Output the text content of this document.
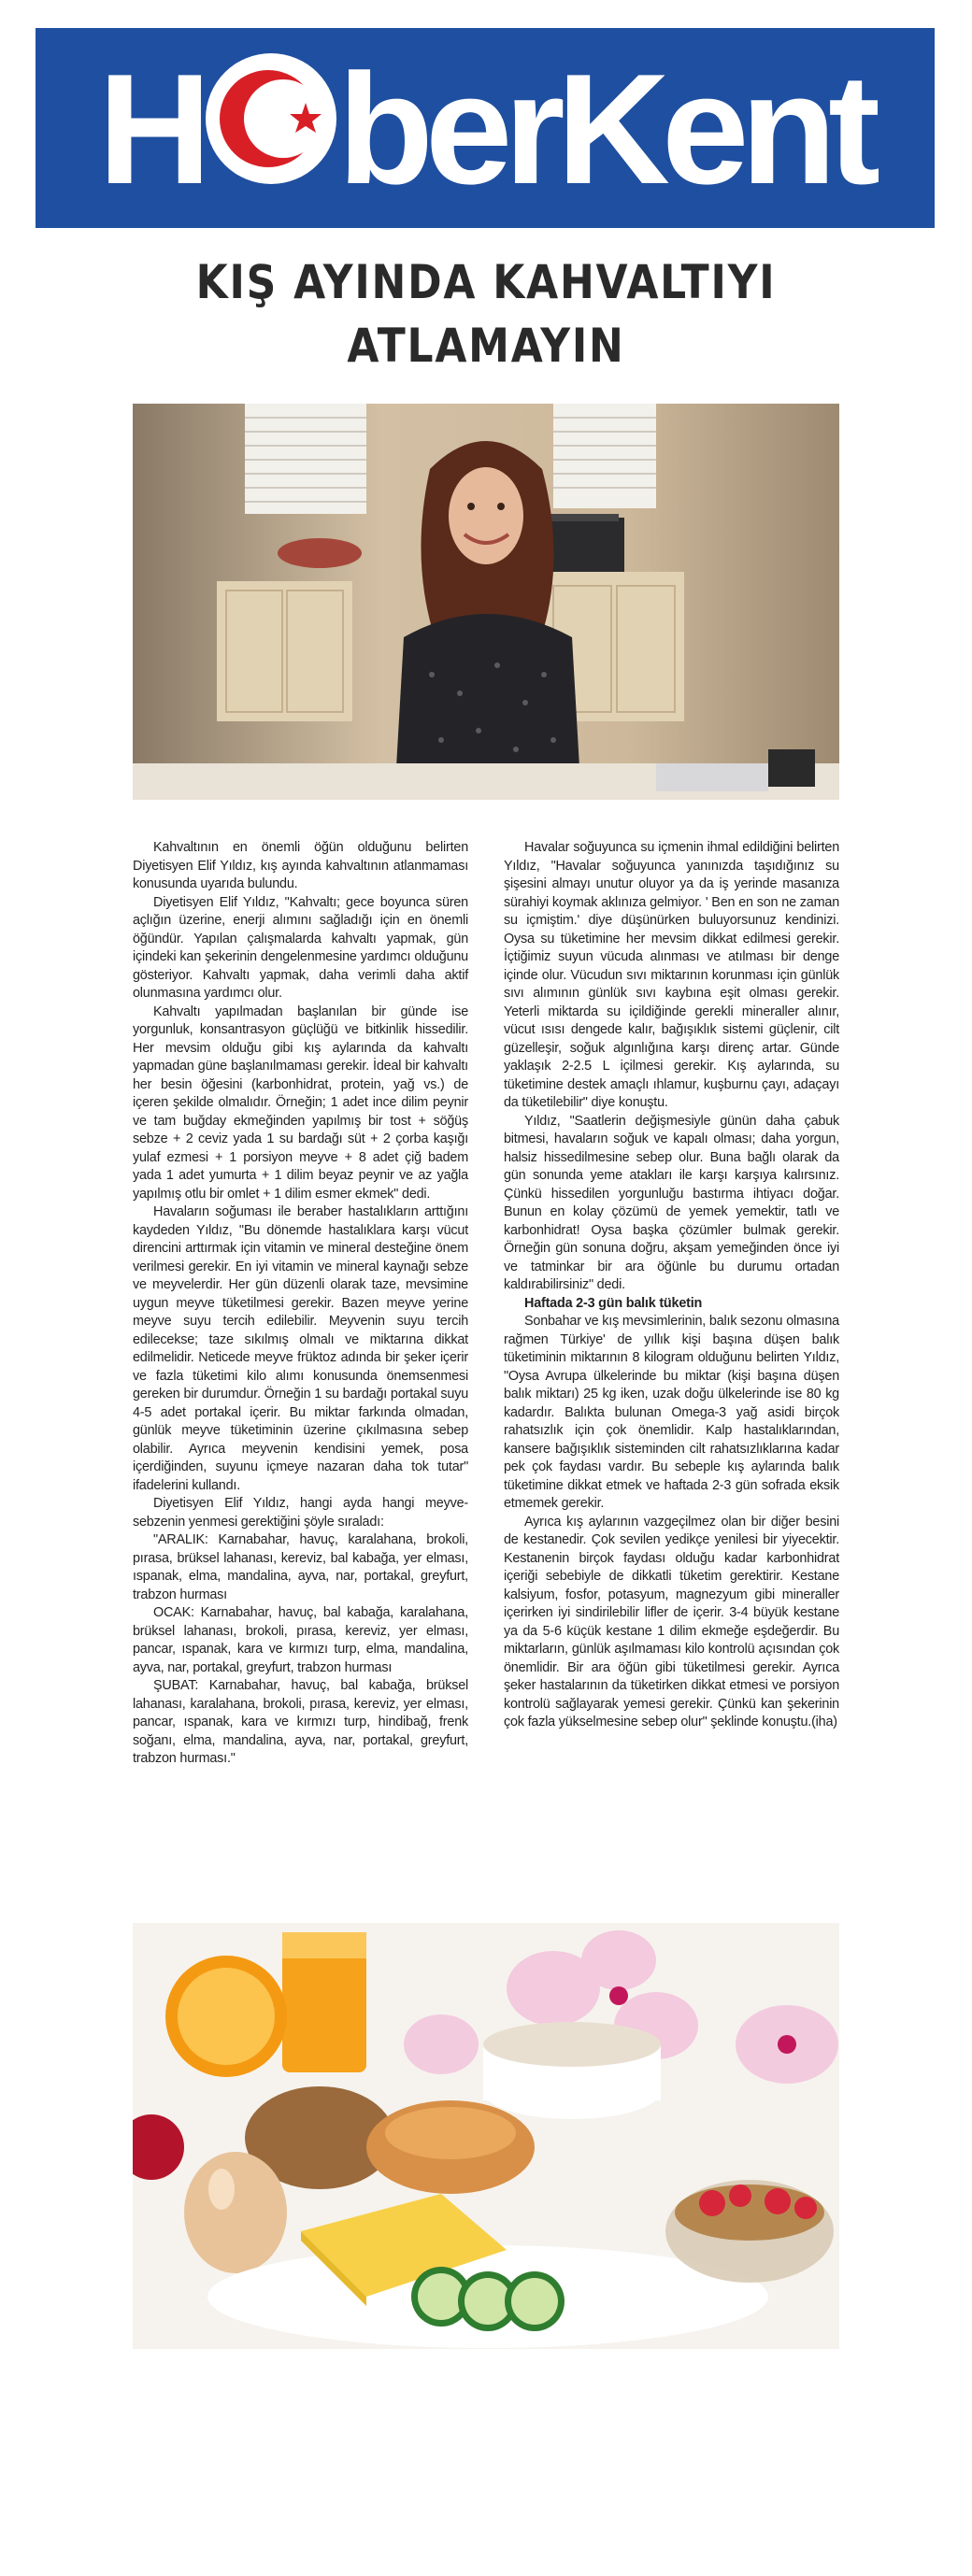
H berKent
KIŞ AYINDA KAHVALTIYI
ATLAMAYIN

Kahvaltının en önemli öğün olduğunu belirten Diyetisyen Elif Yıldız, kış ayında kahvaltının atlanmaması konusunda uyarıda bulundu.

Diyetisyen Elif Yıldız, "Kahvaltı; gece boyunca süren açlığın üzerine, enerji alımını sağladığı için en önemli öğündür. Yapılan çalışmalarda kahvaltı yapmak, gün içindeki kan şekerinin dengelenmesine yardımcı olduğunu gösteriyor. Kahvaltı yapmak, daha verimli daha aktif olunmasına yardımcı olur.

Kahvaltı yapılmadan başlanılan bir günde ise yorgunluk, konsantrasyon güçlüğü ve bitkinlik hissedilir. Her mevsim olduğu gibi kış aylarında da kahvaltı yapmadan güne başlanılmaması gerekir. İdeal bir kahvaltı her besin öğesini (karbonhidrat, protein, yağ vs.) de içeren şekilde olmalıdır. Örneğin; 1 adet ince dilim peynir ve tam buğday ekmeğinden yapılmış bir tost + söğüş sebze + 2 ceviz yada 1 su bardağı süt + 2 çorba kaşığı yulaf ezmesi + 1 porsiyon meyve + 8 adet çiğ badem yada 1 adet yumurta + 1 dilim beyaz peynir ve az yağla yapılmış otlu bir omlet + 1 dilim esmer ekmek" dedi.

Havaların soğuması ile beraber hastalıkların arttığını kaydeden Yıldız, "Bu dönemde hastalıklara karşı vücut direncini arttırmak için vitamin ve mineral desteğine önem verilmesi gerekir. En iyi vitamin ve mineral kaynağı sebze ve meyvelerdir. Her gün düzenli olarak taze, mevsimine uygun meyve tüketilmesi gerekir. Bazen meyve yerine meyve suyu tercih edilebilir. Meyvenin suyu tercih edilecekse; taze sıkılmış olmalı ve miktarına dikkat edilmelidir. Neticede meyve früktoz adında bir şeker içerir ve fazla tüketimi kilo alımı konusunda önemsenmesi gereken bir durumdur. Örneğin 1 su bardağı portakal suyu 4-5 adet portakal içerir. Bu miktar farkında olmadan, günlük meyve tüketiminin üzerine çıkılmasına sebep olabilir. Ayrıca meyvenin kendisini yemek, posa içerdiğinden, suyunu içmeye nazaran daha tok tutar" ifadelerini kullandı.

Diyetisyen Elif Yıldız, hangi ayda hangi meyve-sebzenin yenmesi gerektiğini şöyle sıraladı:

"ARALIK: Karnabahar, havuç, karalahana, brokoli, pırasa, brüksel lahanası, kereviz, bal kabağa, yer elması, ıspanak, elma, mandalina, ayva, nar, portakal, greyfurt, trabzon hurması

OCAK: Karnabahar, havuç, bal kabağa, karalahana, brüksel lahanası, brokoli, pırasa, kereviz, yer elması, pancar, ıspanak, kara ve kırmızı turp, elma, mandalina, ayva, nar, portakal, greyfurt, trabzon hurması

ŞUBAT: Karnabahar, havuç, bal kabağa, brüksel lahanası, karalahana, brokoli, pırasa, kereviz, yer elması, pancar, ıspanak, kara ve kırmızı turp, hindibağ, frenk soğanı, elma, mandalina, ayva, nar, portakal, greyfurt, trabzon hurması."

Havalar soğuyunca su içmenin ihmal edildiğini belirten Yıldız, "Havalar soğuyunca yanınızda taşıdığınız su şişesini almayı unutur oluyor ya da iş yerinde masanıza sürahiyi koymak aklınıza gelmiyor. ' Ben en son ne zaman su içmiştim.' diye düşünürken buluyorsunuz kendinizi. Oysa su tüketimine her mevsim dikkat edilmesi gerekir. İçtiğimiz suyun vücuda alınması ve atılması bir denge içinde olur. Vücudun sıvı miktarının korunması için günlük sıvı alımının günlük sıvı kaybına eşit olması gerekir. Yeterli miktarda su içildiğinde gerekli mineraller alınır, vücut ısısı dengede kalır, bağışıklık sistemi güçlenir, cilt güzelleşir, soğuk algınlığına karşı direnç artar. Günde yaklaşık 2-2.5 L içilmesi gerekir. Kış aylarında, su tüketimine destek amaçlı ıhlamur, kuşburnu çayı, adaçayı da tüketilebilir" diye konuştu.

Yıldız, "Saatlerin değişmesiyle günün daha çabuk bitmesi, havaların soğuk ve kapalı olması; daha yorgun, halsiz hissedilmesine sebep olur. Buna bağlı olarak da gün sonunda yeme atakları ile karşı karşıya kalırsınız. Çünkü hissedilen yorgunluğu bastırma ihtiyacı doğar. Bunun en kolay çözümü de yemek yemektir, tatlı ve karbonhidrat! Oysa başka çözümler bulmak gerekir. Örneğin gün sonuna doğru, akşam yemeğinden önce iyi ve tatminkar bir ara öğünle bu durumu ortadan kaldırabilirsiniz" dedi.

Haftada 2-3 gün balık tüketin

Sonbahar ve kış mevsimlerinin, balık sezonu olmasına rağmen Türkiye' de yıllık kişi başına düşen balık tüketiminin miktarının 8 kilogram olduğunu belirten Yıldız, "Oysa Avrupa ülkelerinde bu miktar (kişi başına düşen balık miktarı) 25 kg iken, uzak doğu ülkelerinde ise 80 kg kadardır. Balıkta bulunan Omega-3 yağ asidi birçok rahatsızlık için çok önemlidir. Kalp hastalıklarından, kansere bağışıklık sisteminden cilt rahatsızlıklarına kadar pek çok faydası vardır. Bu sebeple kış aylarında balık tüketimine dikkat etmek ve haftada 2-3 gün sofrada eksik etmemek gerekir.

Ayrıca kış aylarının vazgeçilmez olan bir diğer besini de kestanedir. Çok sevilen yedikçe yenilesi bir yiyecektir. Kestanenin birçok faydası olduğu kadar karbonhidrat içeriği sebebiyle de dikkatli tüketim gerektirir. Kestane kalsiyum, fosfor, potasyum, magnezyum gibi mineraller içerirken iyi sindirilebilir lifler de içerir. 3-4 büyük kestane ya da 5-6 küçük kestane 1 dilim ekmeğe eşdeğerdir. Bu miktarların, günlük aşılmaması kilo kontrolü açısından çok önemlidir. Bir ara öğün gibi tüketilmesi gerekir. Ayrıca şeker hastalarının da tüketirken dikkat etmesi ve porsiyon kontrolü sağlayarak yemesi gerekir. Çünkü kan şekerinin çok fazla yükselmesine sebep olur" şeklinde konuştu.(iha)
